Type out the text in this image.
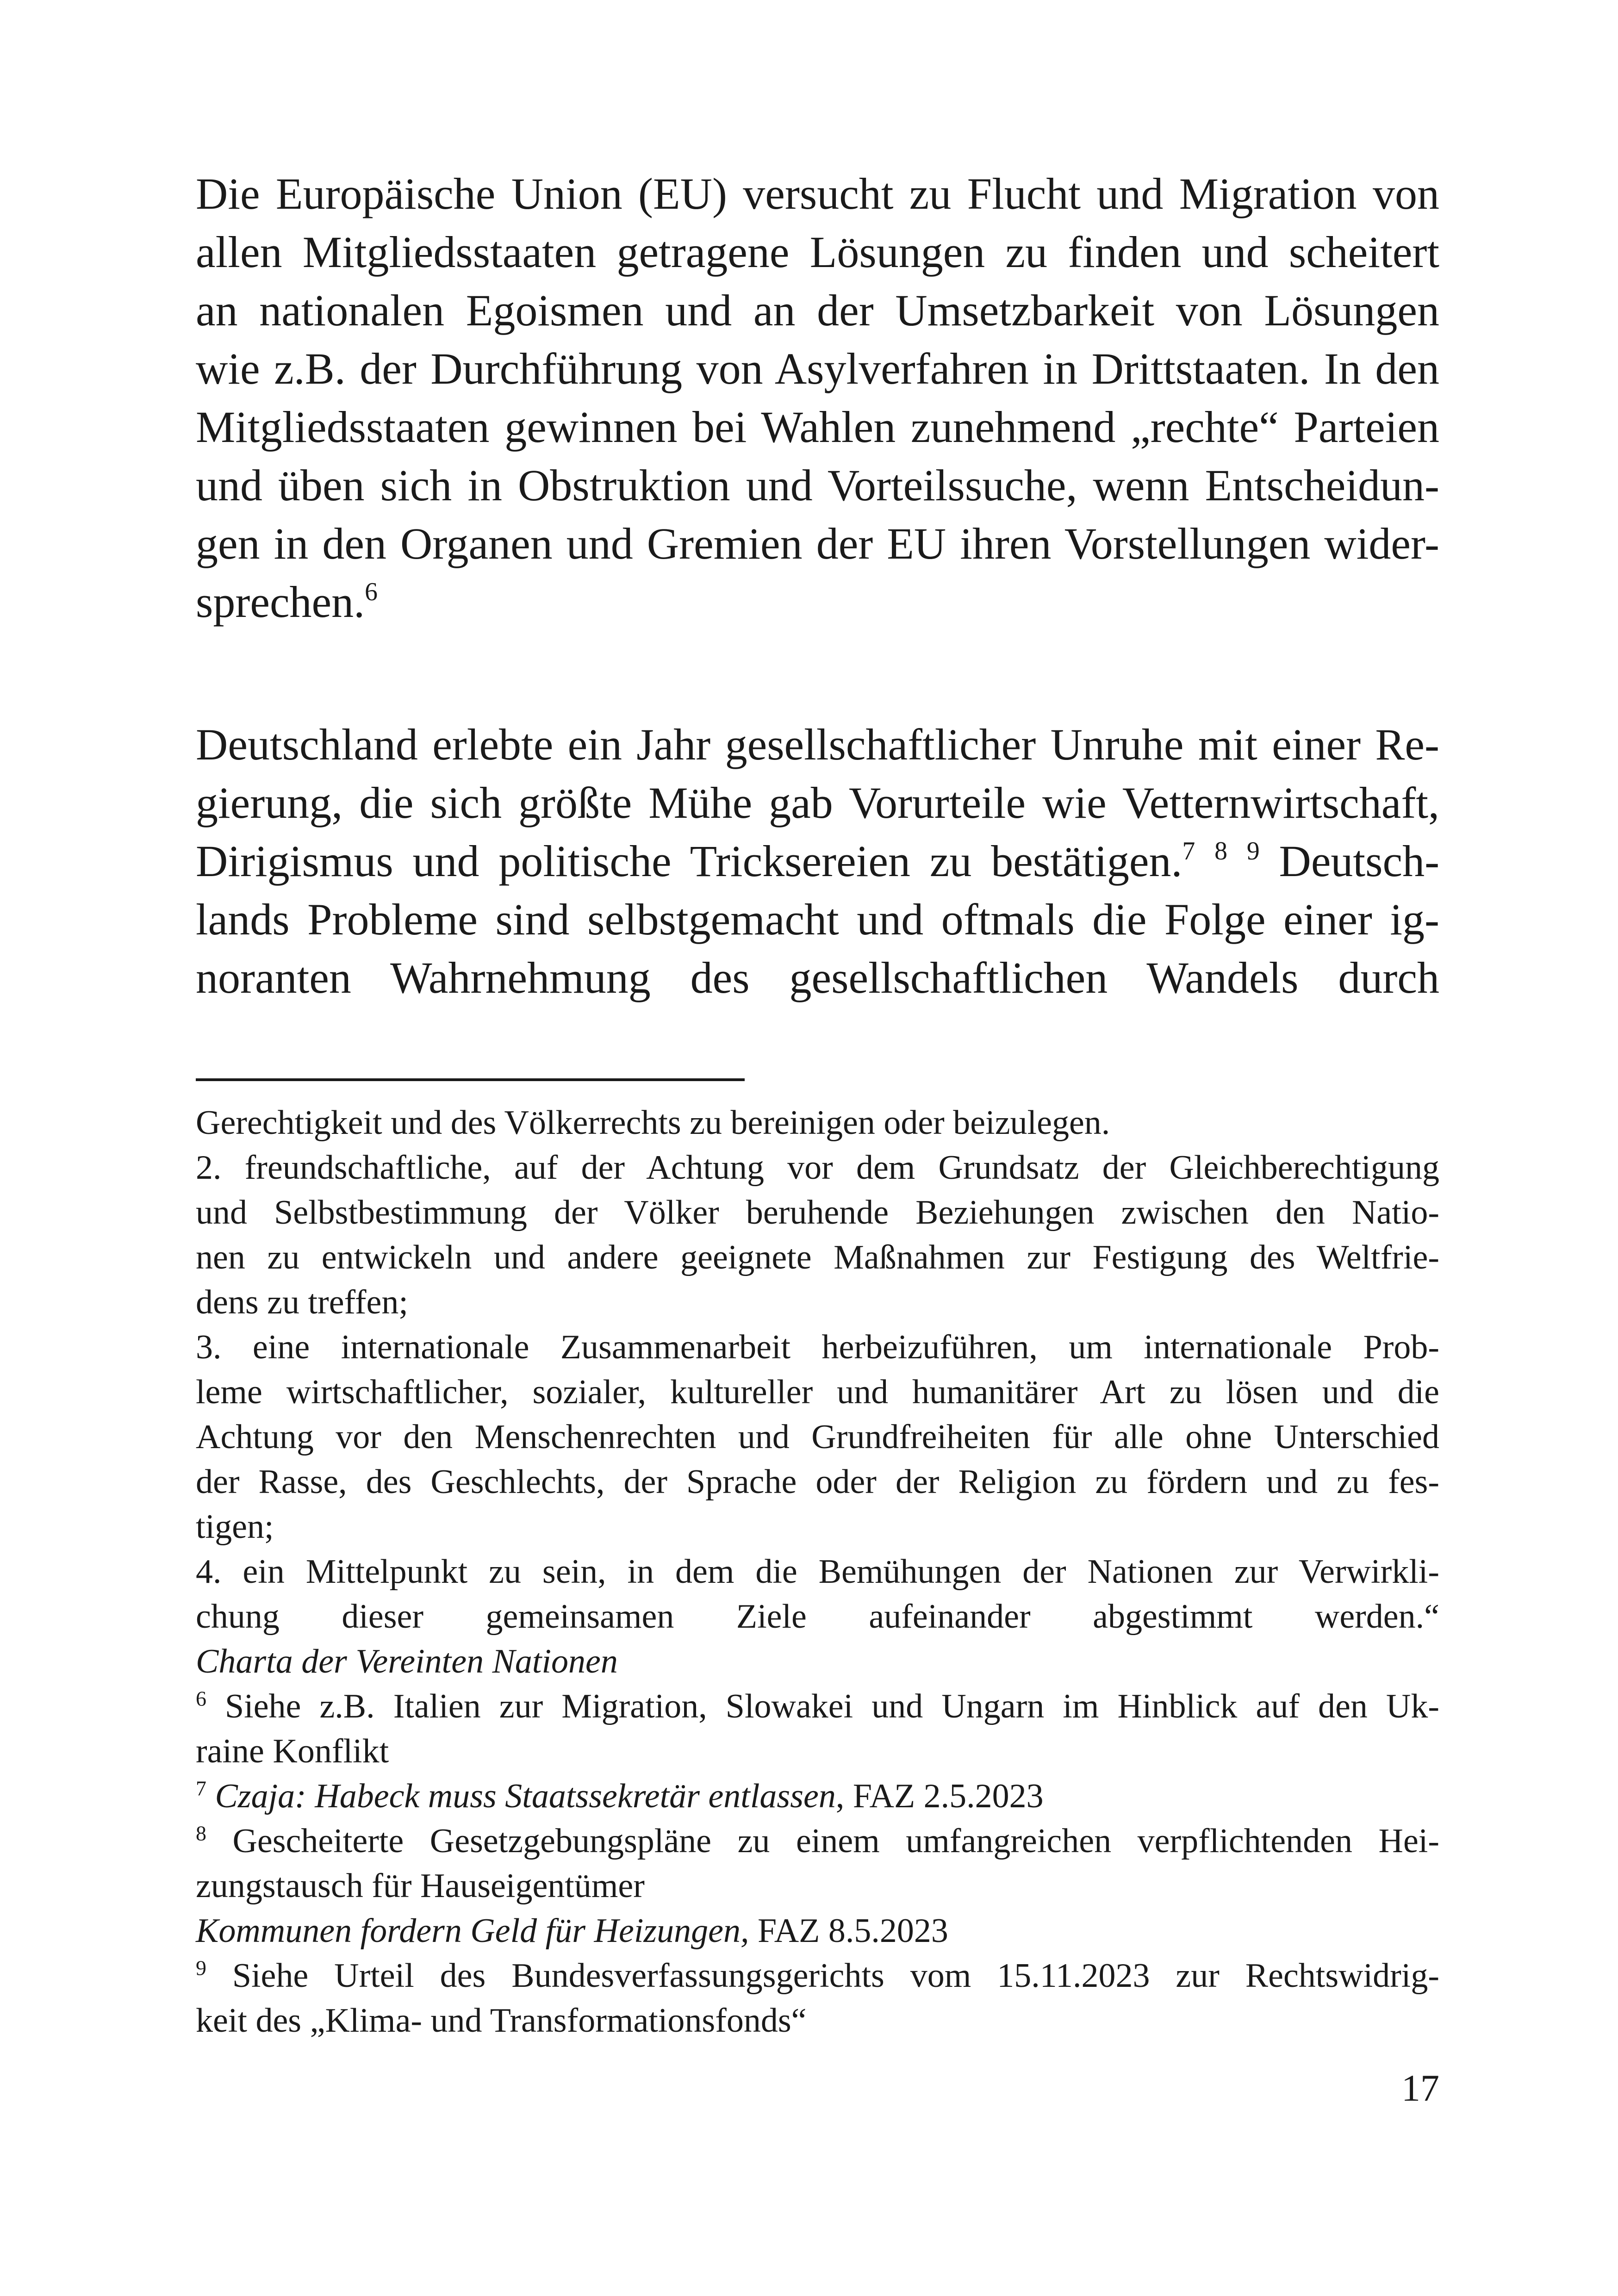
Die Europäische Union (EU) versucht zu Flucht und Migration von
allen Mitgliedsstaaten getragene Lösungen zu finden und scheitert
an nationalen Egoismen und an der Umsetzbarkeit von Lösungen
wie z.B. der Durchführung von Asylverfahren in Drittstaaten. In den
Mitgliedsstaaten gewinnen bei Wahlen zunehmend „rechte“ Parteien
und üben sich in Obstruktion und Vorteilssuche, wenn Entscheidun-
gen in den Organen und Gremien der EU ihren Vorstellungen wider-
sprechen.$^6$
Deutschland erlebte ein Jahr gesellschaftlicher Unruhe mit einer Re-
gierung, die sich größte Mühe gab Vorurteile wie Vetternwirtschaft,
Dirigismus und politische Tricksereien zu bestätigen.$^7$ $^8$ $^9$ Deutsch-
lands Probleme sind selbstgemacht und oftmals die Folge einer ig-
noranten Wahrnehmung des gesellschaftlichen Wandels durch
Gerechtigkeit und des Völkerrechts zu bereinigen oder beizulegen.
2. freundschaftliche, auf der Achtung vor dem Grundsatz der Gleichberechtigung
und Selbstbestimmung der Völker beruhende Beziehungen zwischen den Natio-
nen zu entwickeln und andere geeignete Maßnahmen zur Festigung des Weltfrie-
dens zu treffen;
3. eine internationale Zusammenarbeit herbeizuführen, um internationale Prob-
leme wirtschaftlicher, sozialer, kultureller und humanitärer Art zu lösen und die
Achtung vor den Menschenrechten und Grundfreiheiten für alle ohne Unterschied
der Rasse, des Geschlechts, der Sprache oder der Religion zu fördern und zu fes-
tigen;
4. ein Mittelpunkt zu sein, in dem die Bemühungen der Nationen zur Verwirkli-
chung dieser gemeinsamen Ziele aufeinander abgestimmt werden.“
Charta der Vereinten Nationen
$^6$ Siehe z.B. Italien zur Migration, Slowakei und Ungarn im Hinblick auf den Uk-
raine Konflikt
$^7$ Czaja: Habeck muss Staatssekretär entlassen, FAZ 2.5.2023
$^8$ Gescheiterte Gesetzgebungspläne zu einem umfangreichen verpflichtenden Hei-
zungstausch für Hauseigentümer
Kommunen fordern Geld für Heizungen, FAZ 8.5.2023
$^9$ Siehe Urteil des Bundesverfassungsgerichts vom 15.11.2023 zur Rechtswidrig-
keit des „Klima- und Transformationsfonds“
17
